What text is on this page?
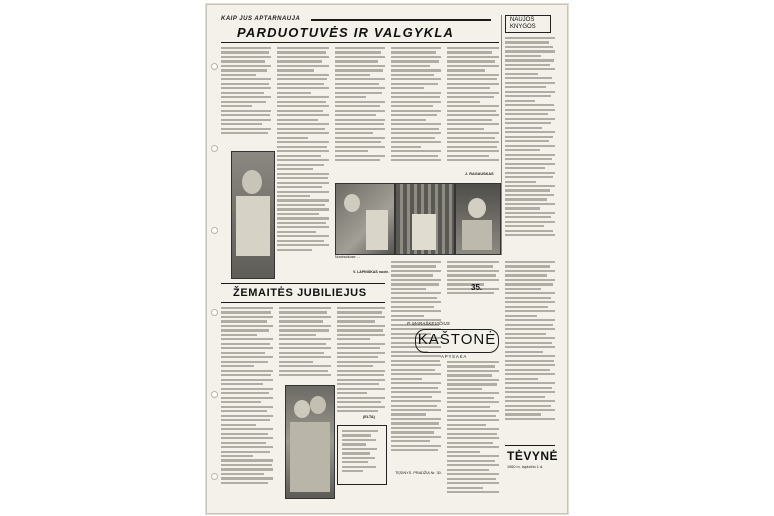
KAIP JUS APTARNAUJA
PARDUOTUVĖS IR VALGYKLA
NAUJOS
KNYGOS
J. RAGAUSKAS
Nuotraukose: ...
V. LAPINSKAS nuotr.
ŽEMAITĖS JUBILIEJUS
(ELTA)
TĘSINYS. PRADŽIA Nr. 30.
35.
P. MARAŠKEVIČIUS
KAŠTONĖ
APYSAKA
TĖVYNĖ
1960 m. lapkričio 1 d.
